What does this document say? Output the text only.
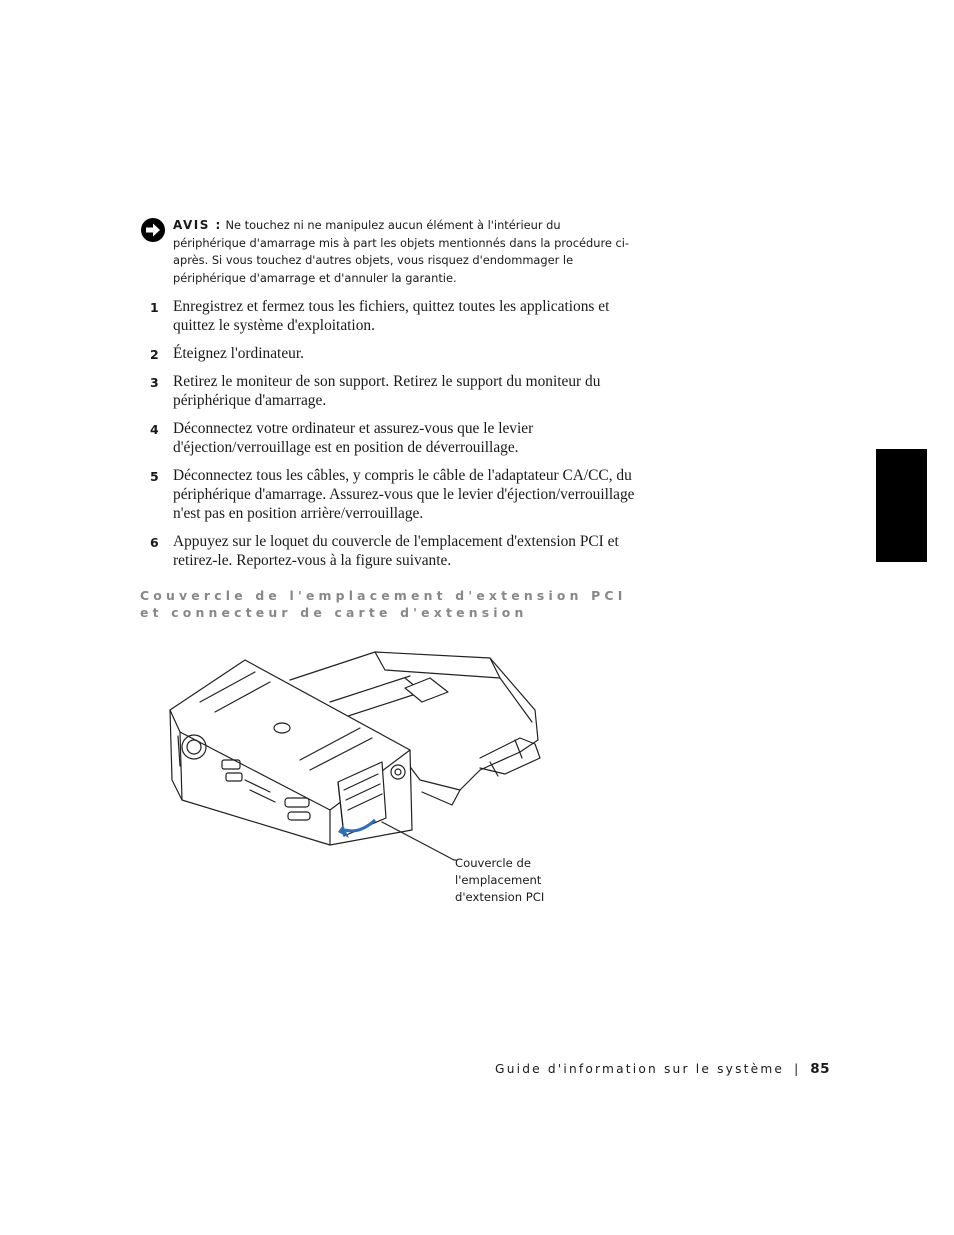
AVIS : Ne touchez ni ne manipulez aucun élément à l'intérieur du périphérique d'amarrage mis à part les objets mentionnés dans la procédure ci-après. Si vous touchez d'autres objets, vous risquez d'endommager le périphérique d'amarrage et d'annuler la garantie.
1 Enregistrez et fermez tous les fichiers, quittez toutes les applications et quittez le système d'exploitation.
2 Éteignez l'ordinateur.
3 Retirez le moniteur de son support. Retirez le support du moniteur du périphérique d'amarrage.
4 Déconnectez votre ordinateur et assurez-vous que le levier d'éjection/verrouillage est en position de déverrouillage.
5 Déconnectez tous les câbles, y compris le câble de l'adaptateur CA/CC, du périphérique d'amarrage. Assurez-vous que le levier d'éjection/verrouillage n'est pas en position arrière/verrouillage.
6 Appuyez sur le loquet du couvercle de l'emplacement d'extension PCI et retirez-le. Reportez-vous à la figure suivante.
Couvercle de l'emplacement d'extension PCI et connecteur de carte d'extension
Couvercle de
l'emplacement
d'extension PCI
Guide d'information sur le système | 85
